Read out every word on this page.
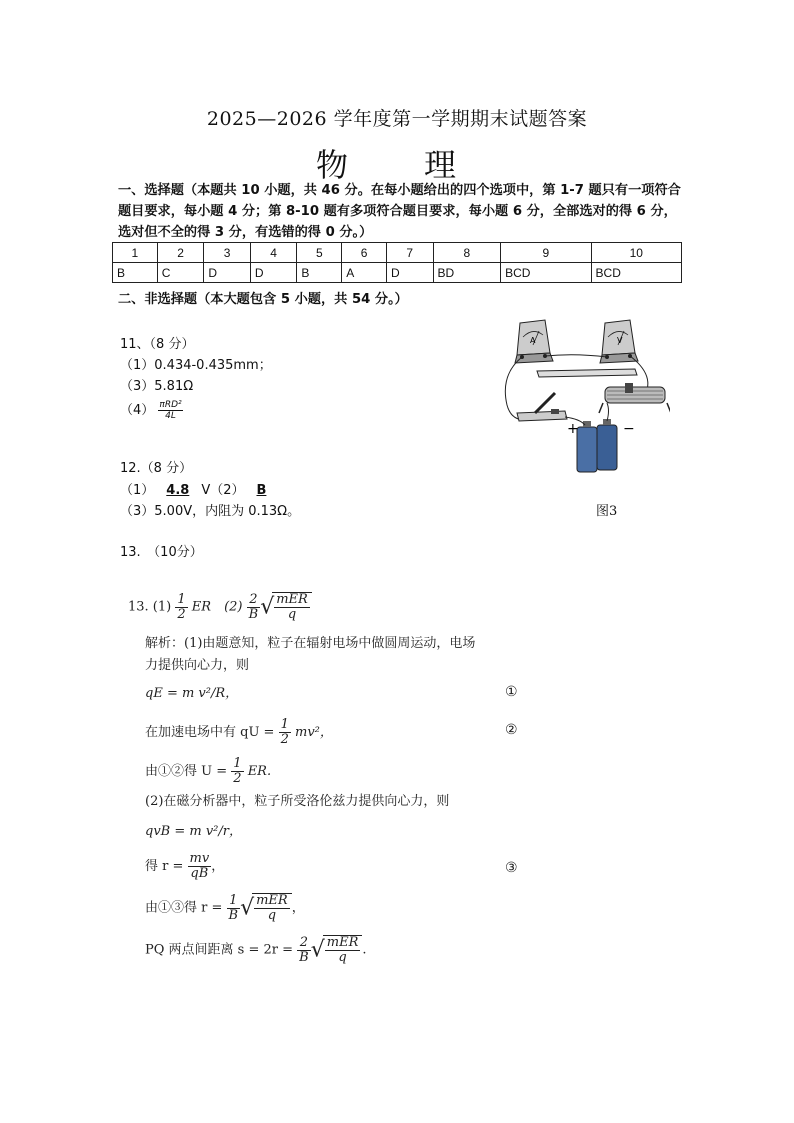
2025—2026 学年度第一学期期末试题答案
物　理
一、选择题（本题共 10 小题，共 46 分。在每小题给出的四个选项中，第 1-7 题只有一项符合题目要求，每小题 4 分；第 8-10 题有多项符合题目要求，每小题 6 分，全部选对的得 6 分，选对但不全的得 3 分，有选错的得 0 分。）
1	2	3	4	5	6	7	8	9	10
B	C	D	D	B	A	D	BD	BCD	BCD
二、非选择题（本大题包含 5 小题，共 54 分。）
11、（8 分）
（1）0.434-0.435mm；
（3）5.81Ω
$(4) \frac{\text{πRD²}}{4L}$
12.（8 分）
（1） 4.8 V（2） B
（3）5.00V，内阻为 0.13Ω。
A	V
+	−
图3
13.　（10分）
13. $(1) \frac{1}{2}$ ER　$(2) \frac{2}{B}$ √ mER
q
解析：(1)由题意知，粒子在辐射电场中做圆周运动，电场
力提供向心力，则
qE = m v²/R，	①
在加速电场中有 qU = $\frac{1}{2} mv^2$，	②
由①②得 $U = \frac{1}{2}$ ER.
(2)在磁分析器中，粒子所受洛伦兹力提供向心力，则
qvB = m v²/r，
得 $r = \frac{mv}{qB}$ ，	③
由①③得 $r = \frac{1}{B}$ √ mER
q	，
PQ 两点间距离 $s = 2r = \frac{2}{B}$ √ mER
q	.
